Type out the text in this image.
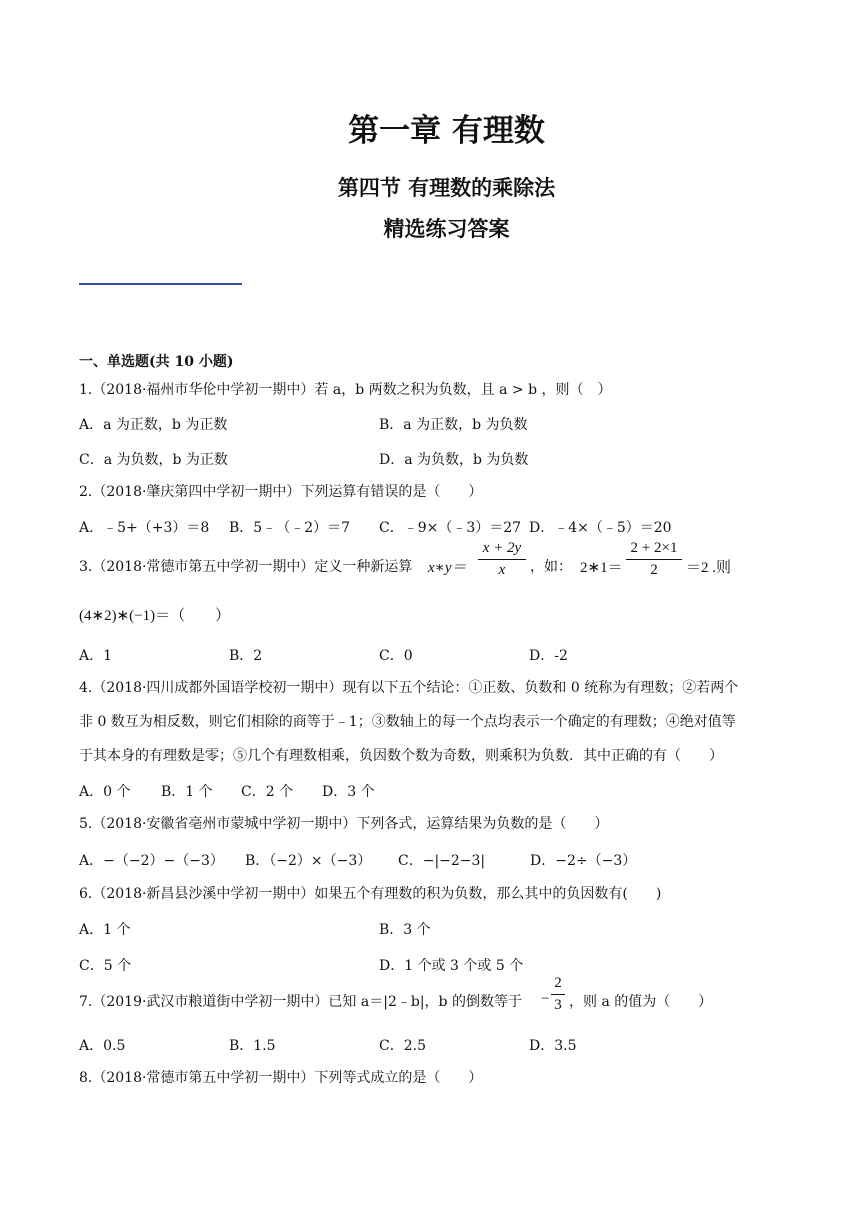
第一章 有理数
第四节 有理数的乘除法
精选练习答案
一、单选题(共 10 小题)
1.（2018·福州市华伦中学初一期中）若 a，b 两数之积为负数，且 a > b ，则（　）
A．a 为正数，b 为正数	B．a 为正数，b 为负数
C．a 为负数，b 为正数	D．a 为负数，b 为负数
2.（2018·肇庆第四中学初一期中）下列运算有错误的是（　　）
A．﹣5+（+3）＝8 B．5﹣（﹣2）＝7 C．﹣9×（﹣3）＝27 D．﹣4×（﹣5）＝20
3.（2018·常德市第五中学初一期中）定义一种新运算 x∗y＝
x + 2y
x	，如： 2∗1＝
2 + 2×1
2	＝2 .则
(4∗2)∗(−1)＝（　　）
A．1	B．2	C．0	D．-2
4.（2018·四川成都外国语学校初一期中）现有以下五个结论：①正数、负数和 0 统称为有理数；②若两个
非 0 数互为相反数，则它们相除的商等于﹣1；③数轴上的每一个点均表示一个确定的有理数；④绝对值等
于其本身的有理数是零；⑤几个有理数相乘，负因数个数为奇数，则乘积为负数．其中正确的有（　　）
A．0 个 B．1 个 C．2 个 D．3 个
5.（2018·安徽省亳州市蒙城中学初一期中）下列各式，运算结果为负数的是（　　）
A．−（−2）−（−3） B．（−2）×（−3） C．−|−2−3|	D．−2÷（−3）
6.（2018·新昌县沙溪中学初一期中）如果五个有理数的积为负数，那么其中的负因数有(　　)
A．1 个	B．3 个
C．5 个	D．1 个或 3 个或 5 个
7.（2019·武汉市粮道街中学初一期中）已知 a＝|2﹣b|，b 的倒数等于 −
2
3 ，则 a 的值为（　　）
A．0.5	B．1.5	C．2.5	D．3.5
8.（2018·常德市第五中学初一期中）下列等式成立的是（　　）
